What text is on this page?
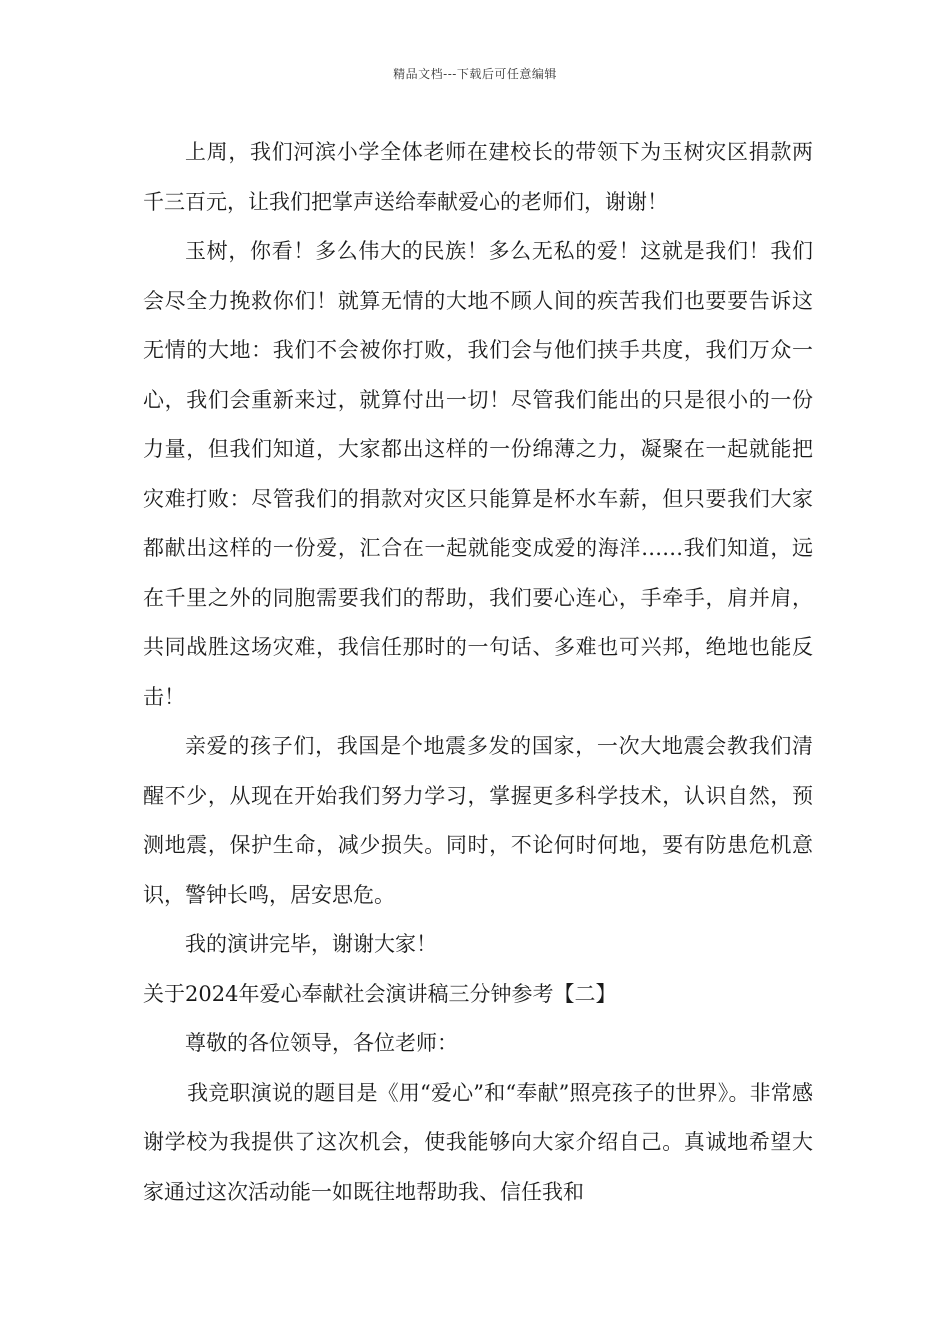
精品文档---下载后可任意编辑

上周，我们河滨小学全体老师在建校长的带领下为玉树灾区捐款两千三百元，让我们把掌声送给奉献爱心的老师们，谢谢！

玉树，你看！多么伟大的民族！多么无私的爱！这就是我们！我们会尽全力挽救你们！就算无情的大地不顾人间的疾苦我们也要要告诉这无情的大地：我们不会被你打败，我们会与他们挟手共度，我们万众一心，我们会重新来过，就算付出一切！尽管我们能出的只是很小的一份力量，但我们知道，大家都出这样的一份绵薄之力，凝聚在一起就能把灾难打败：尽管我们的捐款对灾区只能算是杯水车薪，但只要我们大家都献出这样的一份爱，汇合在一起就能变成爱的海洋……我们知道，远在千里之外的同胞需要我们的帮助，我们要心连心，手牵手，肩并肩，共同战胜这场灾难，我信任那时的一句话、多难也可兴邦，绝地也能反击！

亲爱的孩子们，我国是个地震多发的国家，一次大地震会教我们清醒不少，从现在开始我们努力学习，掌握更多科学技术，认识自然，预测地震，保护生命，减少损失。同时，不论何时何地，要有防患危机意识，警钟长鸣，居安思危。

我的演讲完毕，谢谢大家！

关于2024年爱心奉献社会演讲稿三分钟参考【二】

尊敬的各位领导，各位老师：

我竞职演说的题目是《用“爱心”和“奉献”照亮孩子的世界》。非常感谢学校为我提供了这次机会，使我能够向大家介绍自己。真诚地希望大家通过这次活动能一如既往地帮助我、信任我和
